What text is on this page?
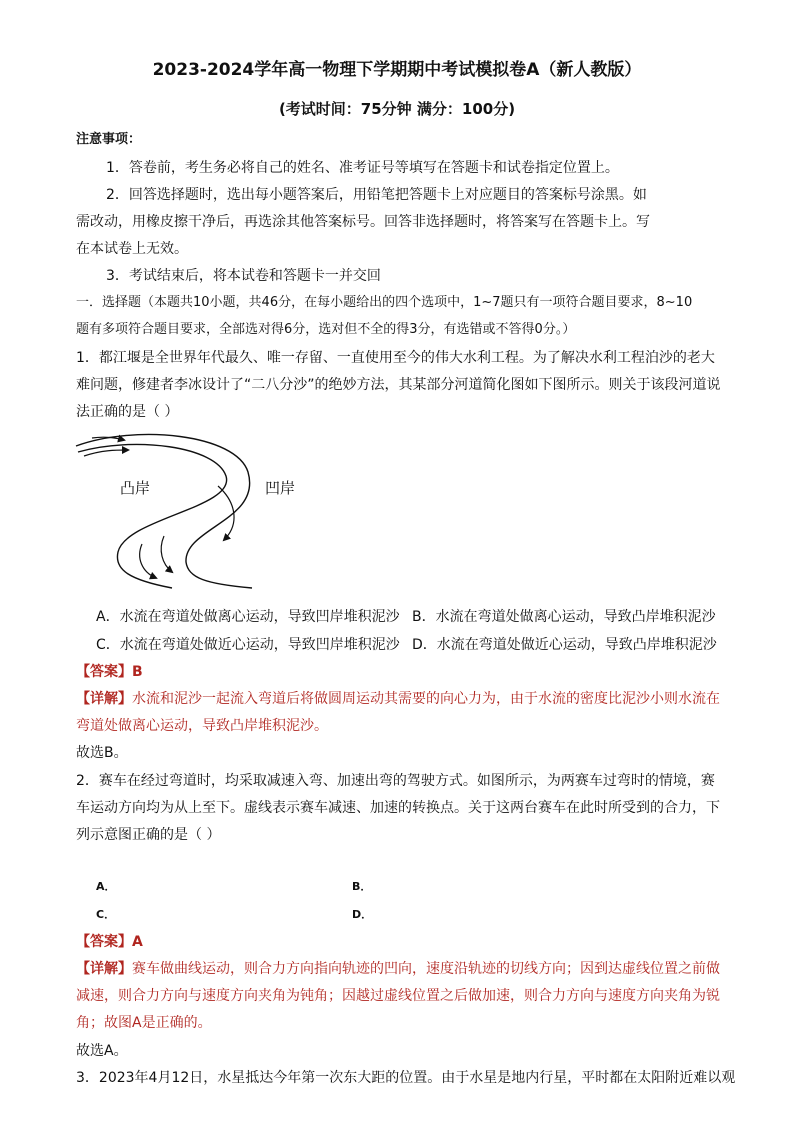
2023-2024学年高一物理下学期期中考试模拟卷A（新人教版）
(考试时间：75分钟 满分：100分)
注意事项：
1．答卷前，考生务必将自己的姓名、准考证号等填写在答题卡和试卷指定位置上。
2．回答选择题时，选出每小题答案后，用铅笔把答题卡上对应题目的答案标号涂黑。如
需改动，用橡皮擦干净后，再选涂其他答案标号。回答非选择题时，将答案写在答题卡上。写
在本试卷上无效。
3．考试结束后，将本试卷和答题卡一并交回
一．选择题（本题共10小题，共46分，在每小题给出的四个选项中，1~7题只有一项符合题目要求，8~10
题有多项符合题目要求，全部选对得6分，选对但不全的得3分，有选错或不答得0分。）
1．都江堰是全世界年代最久、唯一存留、一直使用至今的伟大水利工程。为了解决水利工程泊沙的老大
难问题，修建者李冰设计了“二八分沙”的绝妙方法，其某部分河道简化图如下图所示。则关于该段河道说
法正确的是（ ）
凸岸	凹岸
A．水流在弯道处做离心运动，导致凹岸堆积泥沙 B．水流在弯道处做离心运动，导致凸岸堆积泥沙
C．水流在弯道处做近心运动，导致凹岸堆积泥沙 D．水流在弯道处做近心运动，导致凸岸堆积泥沙
【答案】B
【详解】水流和泥沙一起流入弯道后将做圆周运动其需要的向心力为，由于水流的密度比泥沙小则水流在
弯道处做离心运动，导致凸岸堆积泥沙。
故选B。
2．赛车在经过弯道时，均采取减速入弯、加速出弯的驾驶方式。如图所示，为两赛车过弯时的情境，赛
车运动方向均为从上至下。虚线表示赛车减速、加速的转换点。关于这两台赛车在此时所受到的合力，下
列示意图正确的是（ ）
A．	B．
C．	D．
【答案】A
【详解】赛车做曲线运动，则合力方向指向轨迹的凹向，速度沿轨迹的切线方向；因到达虚线位置之前做
减速，则合力方向与速度方向夹角为钝角；因越过虚线位置之后做加速，则合力方向与速度方向夹角为锐
角；故图A是正确的。
故选A。
3．2023年4月12日，水星抵达今年第一次东大距的位置。由于水星是地内行星，平时都在太阳附近难以观
